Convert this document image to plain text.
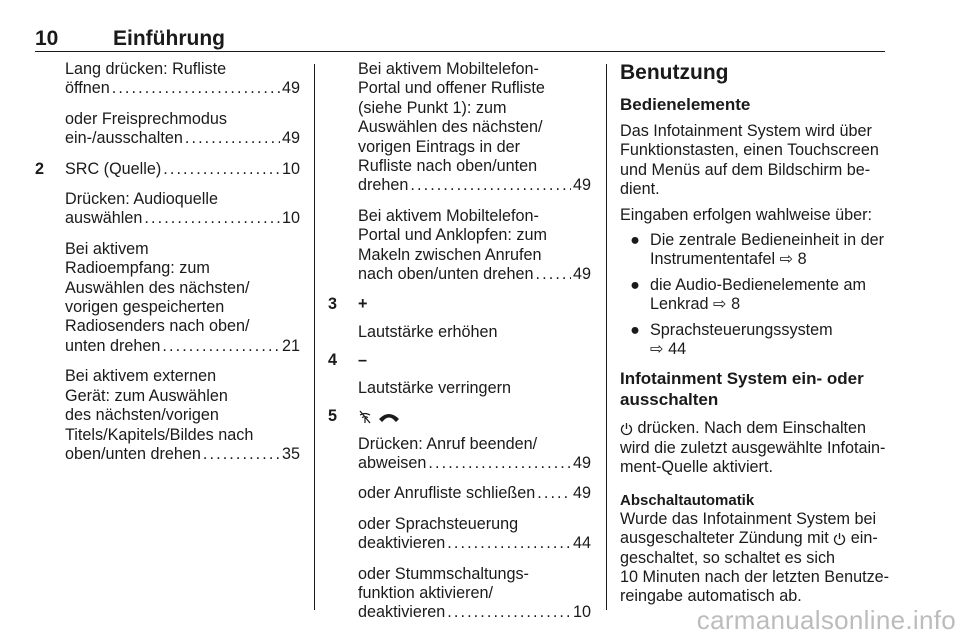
10	Einführung
Lang drücken: Rufliste
öffnen . . .	49
oder Freisprechmodus
ein-/ausschalten . . .	49
2	SRC (Quelle) . . .	10
Drücken: Audioquelle
auswählen . . .	10
Bei aktivem
Radioempfang: zum
Auswählen des nächsten/
vorigen gespeicherten
Radiosenders nach oben/
unten drehen . . .	21
Bei aktivem externen
Gerät: zum Auswählen
des nächsten/vorigen
Titels/Kapitels/Bildes nach
oben/unten drehen . . .	35
Bei aktivem Mobiltelefon-
Portal und offener Rufliste
(siehe Punkt 1): zum
Auswählen des nächsten/
vorigen Eintrags in der
Rufliste nach oben/unten
drehen . . .	49
Bei aktivem Mobiltelefon-
Portal und Anklopfen: zum
Makeln zwischen Anrufen
nach oben/unten drehen . . . 49
3	+
Lautstärke erhöhen
4	–
Lautstärke verringern
5

Drücken: Anruf beenden/
abweisen . . .	49
oder Anrufliste schließen . . . 49
oder Sprachsteuerung
deaktivieren . . .	44
oder Stummschaltungs-
funktion aktivieren/
deaktivieren . . .	10
Benutzung
Bedienelemente
Das Infotainment System wird über
Funktionstasten, einen Touchscreen
und Menüs auf dem Bildschirm be-
dient.
Eingaben erfolgen wahlweise über:
● Die zentrale Bedieneinheit in der
Instrumententafel ⇨ 8
● die Audio-Bedienelemente am
Lenkrad ⇨ 8
● Sprachsteuerungssystem
⇨ 44
Infotainment System ein- oder
ausschalten
drücken. Nach dem Einschalten
wird die zuletzt ausgewählte Infotain-
ment-Quelle aktiviert.
Abschaltautomatik
Wurde das Infotainment System bei
ausgeschalteter Zündung mit ein-
geschaltet, so schaltet es sich
10 Minuten nach der letzten Benutze-
reingabe automatisch ab.
carmanualsonline.info
